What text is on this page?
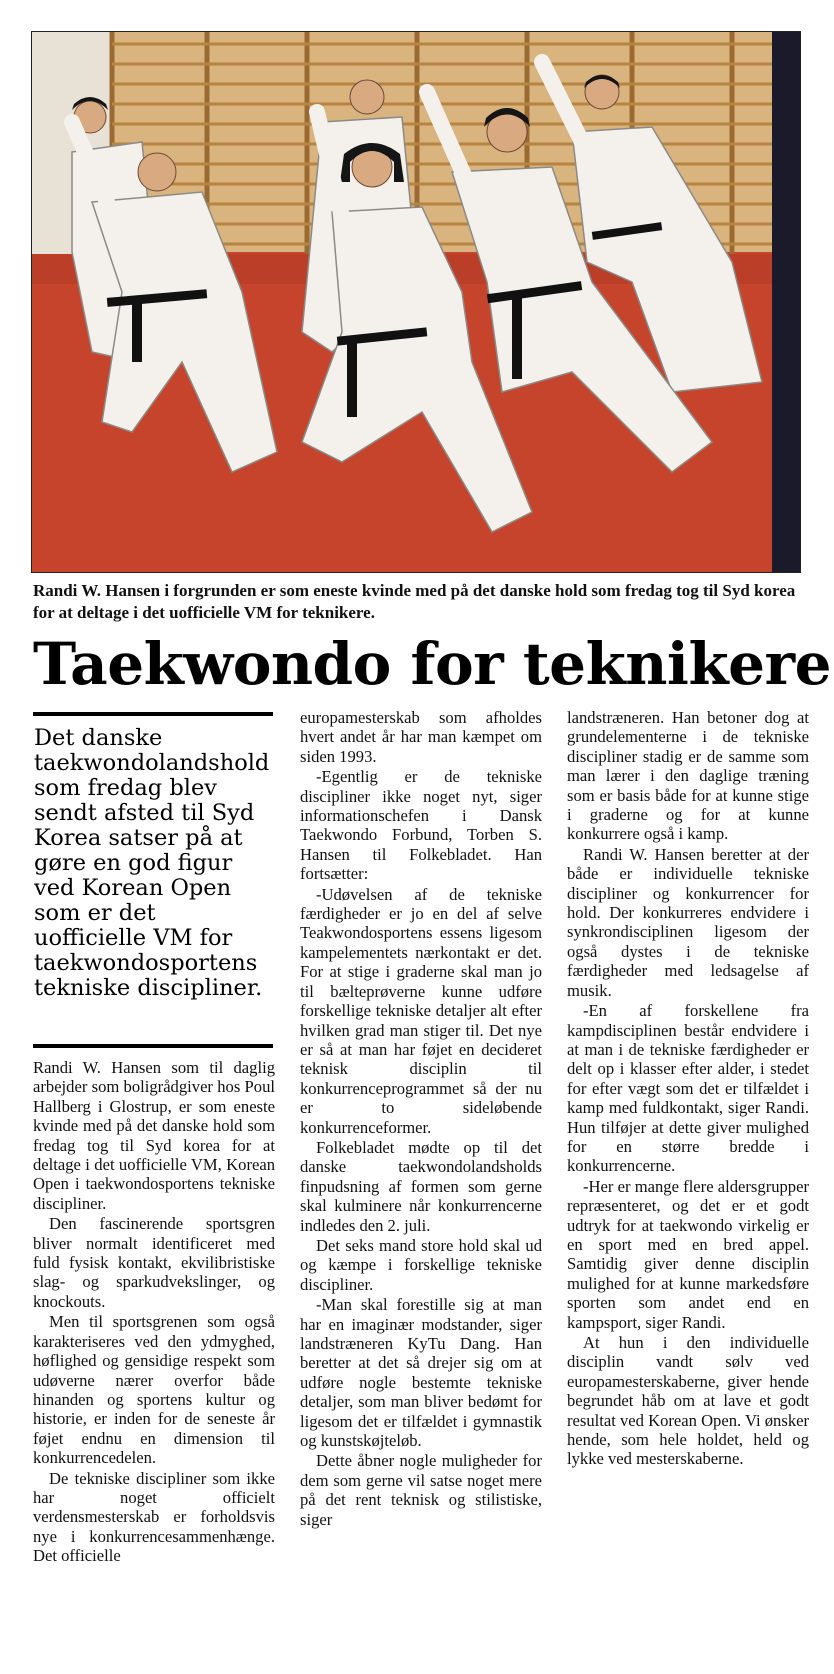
Randi W. Hansen i forgrunden er som eneste kvinde med på det danske hold som fredag tog til Syd korea for at deltage i det uofficielle VM for teknikere.

Taekwondo for teknikere

Det danske taekwondolandshold som fredag blev sendt afsted til Syd Korea satser på at gøre en god figur ved Korean Open som er det uofficielle VM for taekwondosportens tekniske discipliner.

Randi W. Hansen som til daglig arbejder som boligrådgiver hos Poul Hallberg i Glostrup, er som eneste kvinde med på det danske hold som fredag tog til Syd korea for at deltage i det uofficielle VM, Korean Open i taekwondosportens tekniske discipliner.

Den fascinerende sportsgren bliver normalt identificeret med fuld fysisk kontakt, ekvilibristiske slag- og sparkudvekslinger, og knockouts.

Men til sportsgrenen som også karakteriseres ved den ydmyghed, høflighed og gensidige respekt som udøverne nærer overfor både hinanden og sportens kultur og historie, er inden for de seneste år føjet endnu en dimension til konkurrencedelen.

De tekniske discipliner som ikke har noget officielt verdensmesterskab er forholdsvis nye i konkurrencesammenhænge. Det officielle

europamesterskab som afholdes hvert andet år har man kæmpet om siden 1993.

-Egentlig er de tekniske discipliner ikke noget nyt, siger informationschefen i Dansk Taekwondo Forbund, Torben S. Hansen til Folkebladet. Han fortsætter:

-Udøvelsen af de tekniske færdigheder er jo en del af selve Teakwondosportens essens ligesom kampelementets nærkontakt er det. For at stige i graderne skal man jo til bælteprøverne kunne udføre forskellige tekniske detaljer alt efter hvilken grad man stiger til. Det nye er så at man har føjet en decideret teknisk disciplin til konkurrenceprogrammet så der nu er to sideløbende konkurrenceformer.

Folkebladet mødte op til det danske taekwondolandsholds finpudsning af formen som gerne skal kulminere når konkurrencerne indledes den 2. juli.

Det seks mand store hold skal ud og kæmpe i forskellige tekniske discipliner.

-Man skal forestille sig at man har en imaginær modstander, siger landstræneren KyTu Dang. Han beretter at det så drejer sig om at udføre nogle bestemte tekniske detaljer, som man bliver bedømt for ligesom det er tilfældet i gymnastik og kunstskøjteløb.

Dette åbner nogle muligheder for dem som gerne vil satse noget mere på det rent teknisk og stilistiske, siger

landstræneren. Han betoner dog at grundelementerne i de tekniske discipliner stadig er de samme som man lærer i den daglige træning som er basis både for at kunne stige i graderne og for at kunne konkurrere også i kamp.

Randi W. Hansen beretter at der både er individuelle tekniske discipliner og konkurrencer for hold. Der konkurreres endvidere i synkrondisciplinen ligesom der også dystes i de tekniske færdigheder med ledsagelse af musik.

-En af forskellene fra kampdisciplinen består endvidere i at man i de tekniske færdigheder er delt op i klasser efter alder, i stedet for efter vægt som det er tilfældet i kamp med fuldkontakt, siger Randi. Hun tilføjer at dette giver mulighed for en større bredde i konkurrencerne.

-Her er mange flere aldersgrupper repræsenteret, og det er et godt udtryk for at taekwondo virkelig er en sport med en bred appel. Samtidig giver denne disciplin mulighed for at kunne markedsføre sporten som andet end en kampsport, siger Randi.

At hun i den individuelle disciplin vandt sølv ved europamesterskaberne, giver hende begrundet håb om at lave et godt resultat ved Korean Open. Vi ønsker hende, som hele holdet, held og lykke ved mesterskaberne.
